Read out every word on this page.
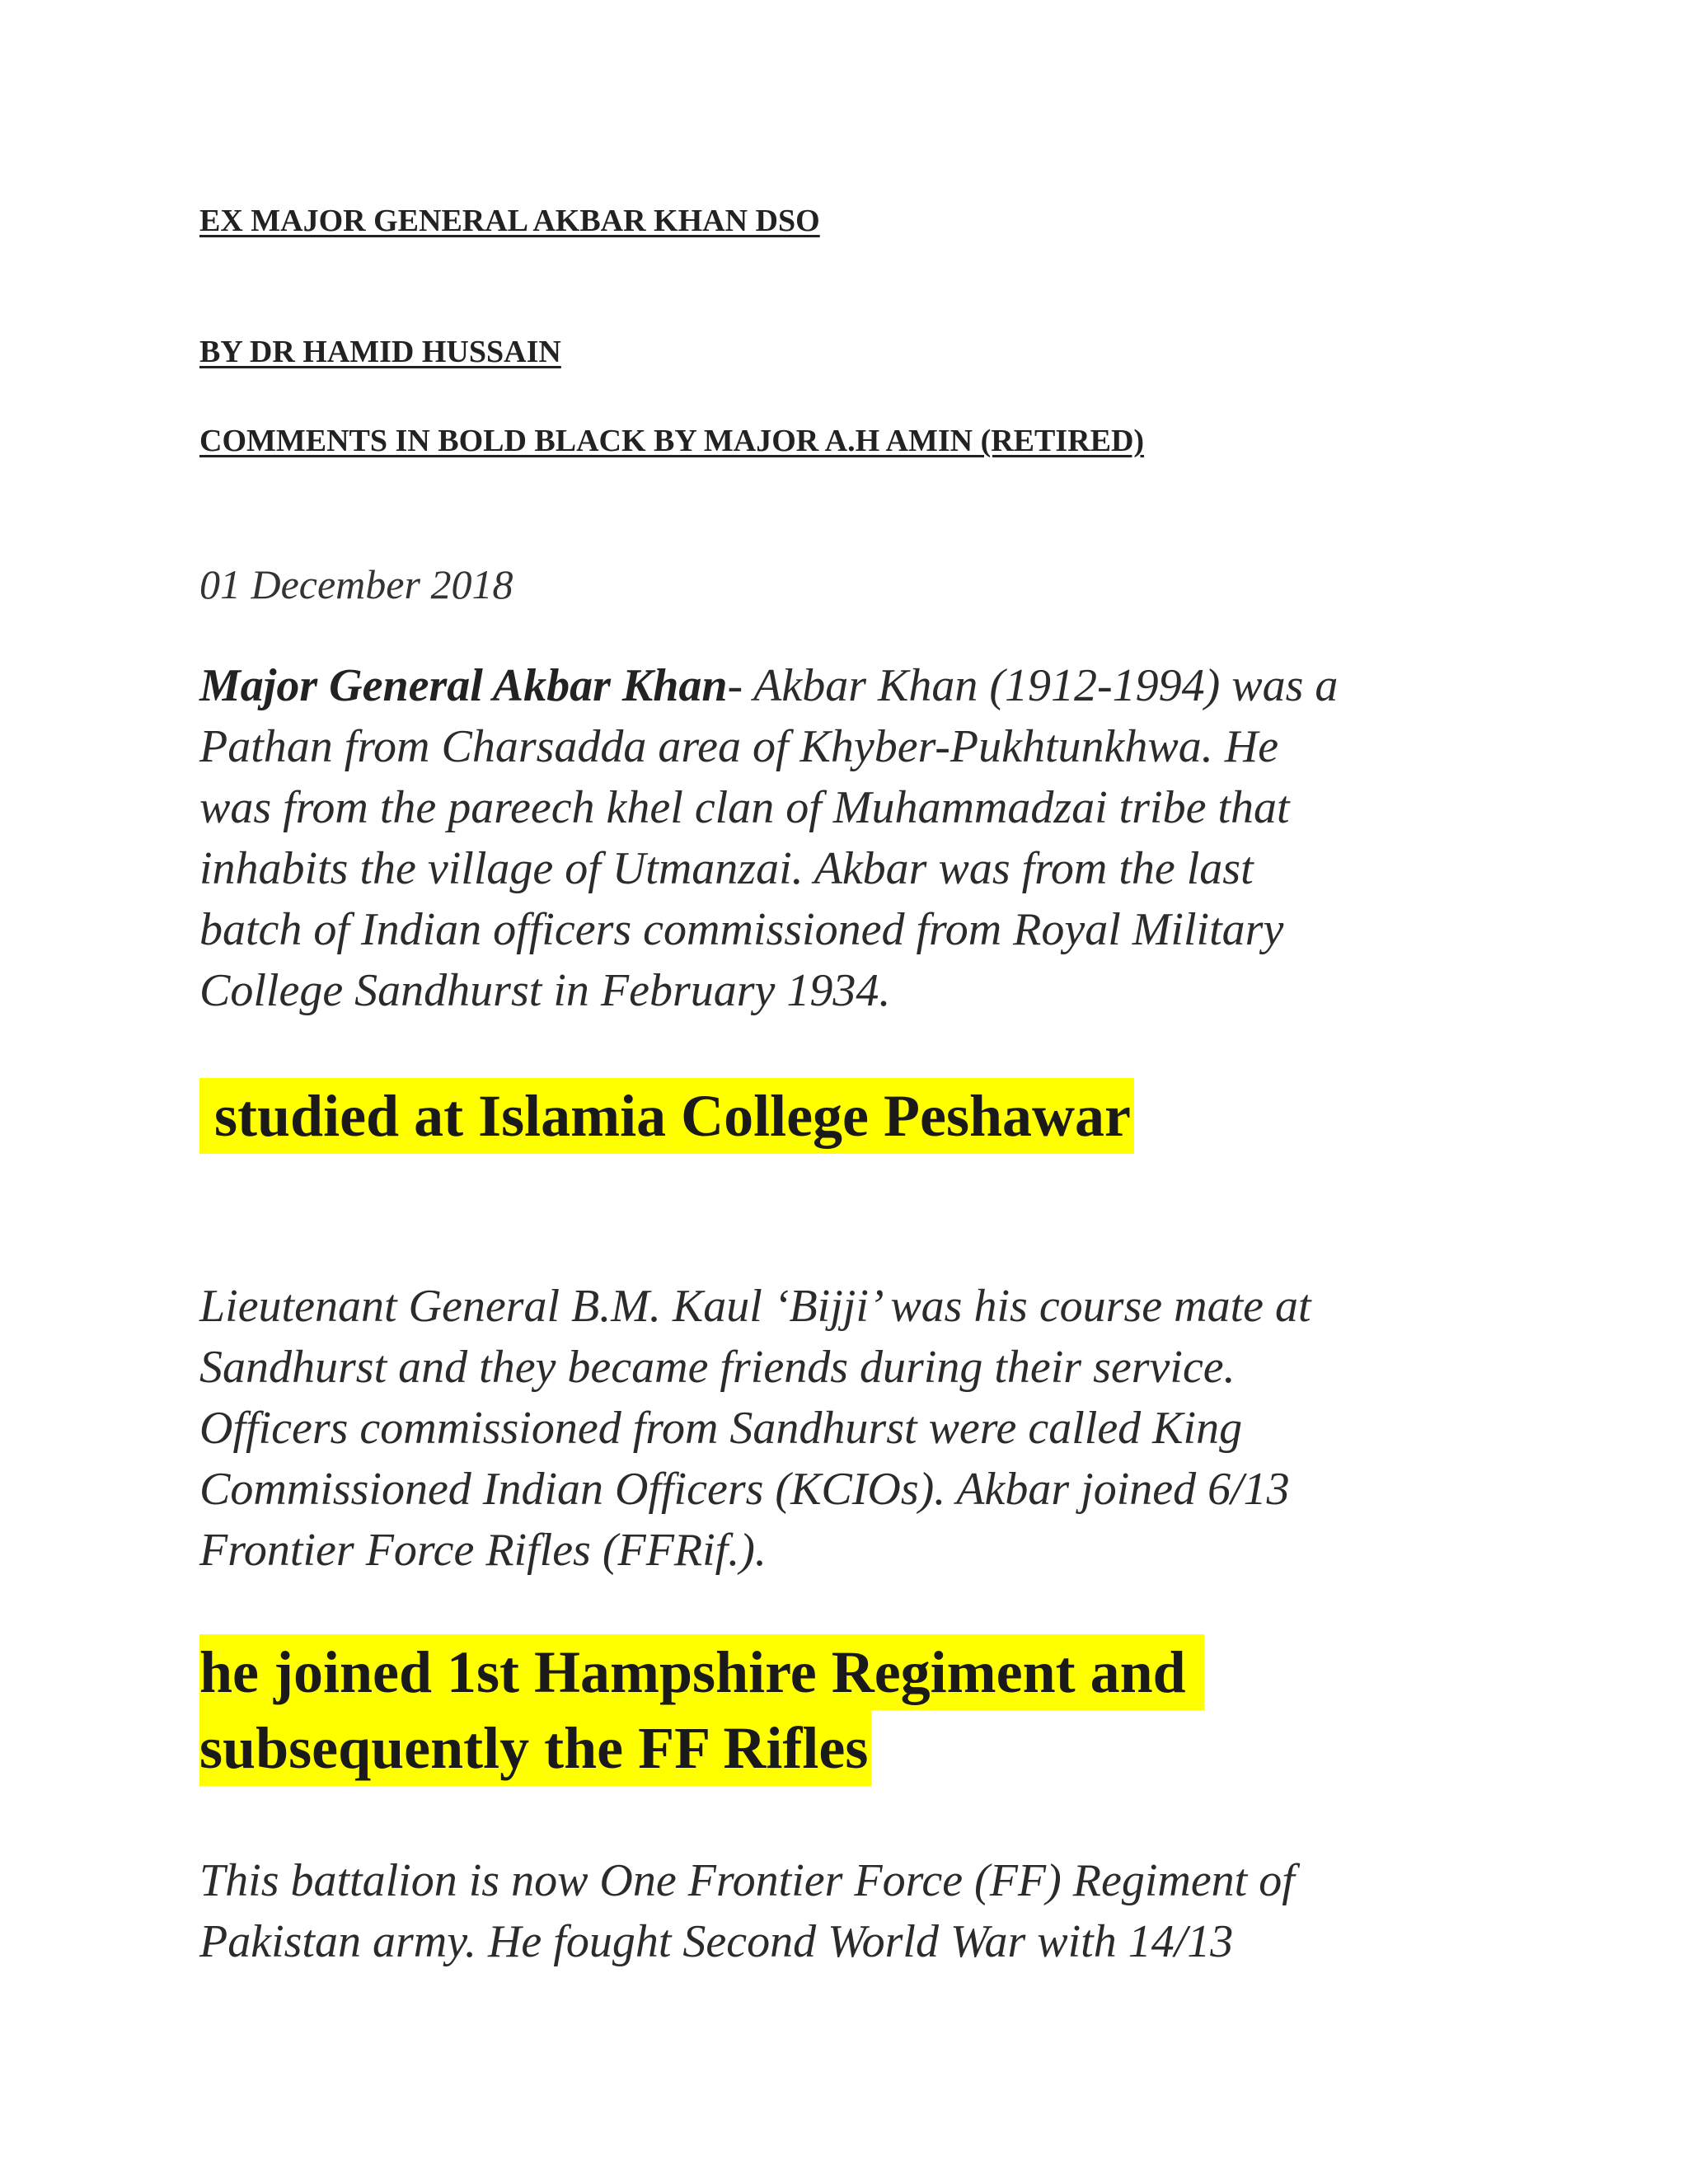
EX MAJOR GENERAL AKBAR KHAN DSO
BY DR HAMID HUSSAIN
COMMENTS IN BOLD BLACK BY MAJOR A.H AMIN (RETIRED)
01 December 2018
Major General Akbar Khan- Akbar Khan (1912-1994) was a
Pathan from Charsadda area of Khyber-Pukhtunkhwa. He
was from the pareech khel clan of Muhammadzai tribe that
inhabits the village of Utmanzai. Akbar was from the last
batch of Indian officers commissioned from Royal Military
College Sandhurst in February 1934.
studied at Islamia College Peshawar
Lieutenant General B.M. Kaul ‘Bijji’ was his course mate at
Sandhurst and they became friends during their service.
Officers commissioned from Sandhurst were called King
Commissioned Indian Officers (KCIOs). Akbar joined 6/13
Frontier Force Rifles (FFRif.).
he joined 1st Hampshire Regiment and
subsequently the FF Rifles
This battalion is now One Frontier Force (FF) Regiment of
Pakistan army. He fought Second World War with 14/13
